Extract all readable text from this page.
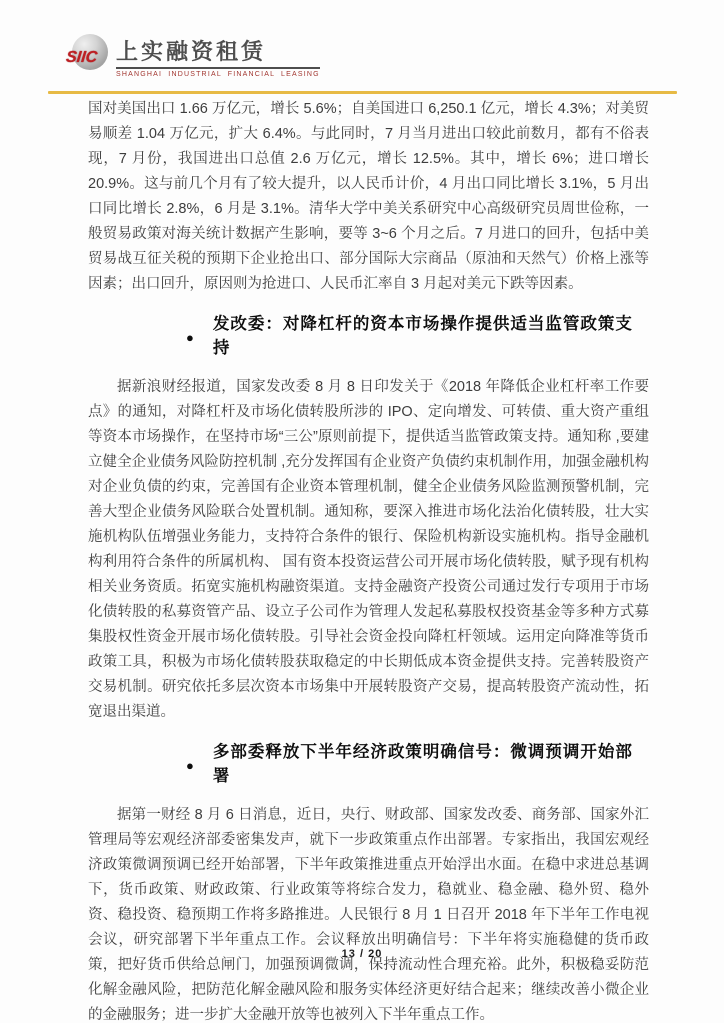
SIIC 上实融资租赁
SHANGHAI INDUSTRIAL FINANCIAL LEASING

国对美国出口 1.66 万亿元，增长 5.6%；自美国进口 6,250.1 亿元，增长 4.3%；对美贸易顺差 1.04 万亿元，扩大 6.4%。与此同时，7 月当月进出口较此前数月，都有不俗表现，7 月份，我国进出口总值 2.6 万亿元，增长 12.5%。其中，增长 6%；进口增长 20.9%。这与前几个月有了较大提升，以人民币计价，4 月出口同比增长 3.1%，5 月出口同比增长 2.8%，6 月是 3.1%。清华大学中美关系研究中心高级研究员周世俭称，一般贸易政策对海关统计数据产生影响，要等 3~6 个月之后。7 月进口的回升，包括中美贸易战互征关税的预期下企业抢出口、部分国际大宗商品（原油和天然气）价格上涨等因素；出口回升，原因则为抢进口、人民币汇率自 3 月起对美元下跌等因素。

●
发改委：对降杠杆的资本市场操作提供适当监管政策支持

据新浪财经报道，国家发改委 8 月 8 日印发关于《2018 年降低企业杠杆率工作要点》的通知，对降杠杆及市场化债转股所涉的 IPO、定向增发、可转债、重大资产重组等资本市场操作，在坚持市场“三公”原则前提下，提供适当监管政策支持。通知称 ,要建立健全企业债务风险防控机制 ,充分发挥国有企业资产负债约束机制作用，加强金融机构对企业负债的约束，完善国有企业资本管理机制，健全企业债务风险监测预警机制，完善大型企业债务风险联合处置机制。通知称，要深入推进市场化法治化债转股，壮大实施机构队伍增强业务能力，支持符合条件的银行、保险机构新设实施机构。指导金融机构利用符合条件的所属机构、 国有资本投资运营公司开展市场化债转股，赋予现有机构相关业务资质。拓宽实施机构融资渠道。支持金融资产投资公司通过发行专项用于市场化债转股的私募资管产品、设立子公司作为管理人发起私募股权投资基金等多种方式募集股权性资金开展市场化债转股。引导社会资金投向降杠杆领域。运用定向降准等货币政策工具，积极为市场化债转股获取稳定的中长期低成本资金提供支持。完善转股资产交易机制。研究依托多层次资本市场集中开展转股资产交易，提高转股资产流动性，拓宽退出渠道。

●
多部委释放下半年经济政策明确信号：微调预调开始部署

据第一财经 8 月 6 日消息，近日，央行、财政部、国家发改委、商务部、国家外汇管理局等宏观经济部委密集发声，就下一步政策重点作出部署。专家指出，我国宏观经济政策微调预调已经开始部署，下半年政策推进重点开始浮出水面。在稳中求进总基调下，货币政策、财政政策、行业政策等将综合发力，稳就业、稳金融、稳外贸、稳外资、稳投资、稳预期工作将多路推进。人民银行 8 月 1 日召开 2018 年下半年工作电视会议，研究部署下半年重点工作。会议释放出明确信号：下半年将实施稳健的货币政策，把好货币供给总闸门，加强预调微调，保持流动性合理充裕。此外，积极稳妥防范化解金融风险，把防范化解金融风险和服务实体经济更好结合起来；继续改善小微企业的金融服务；进一步扩大金融开放等也被列入下半年重点工作。

13 / 20
